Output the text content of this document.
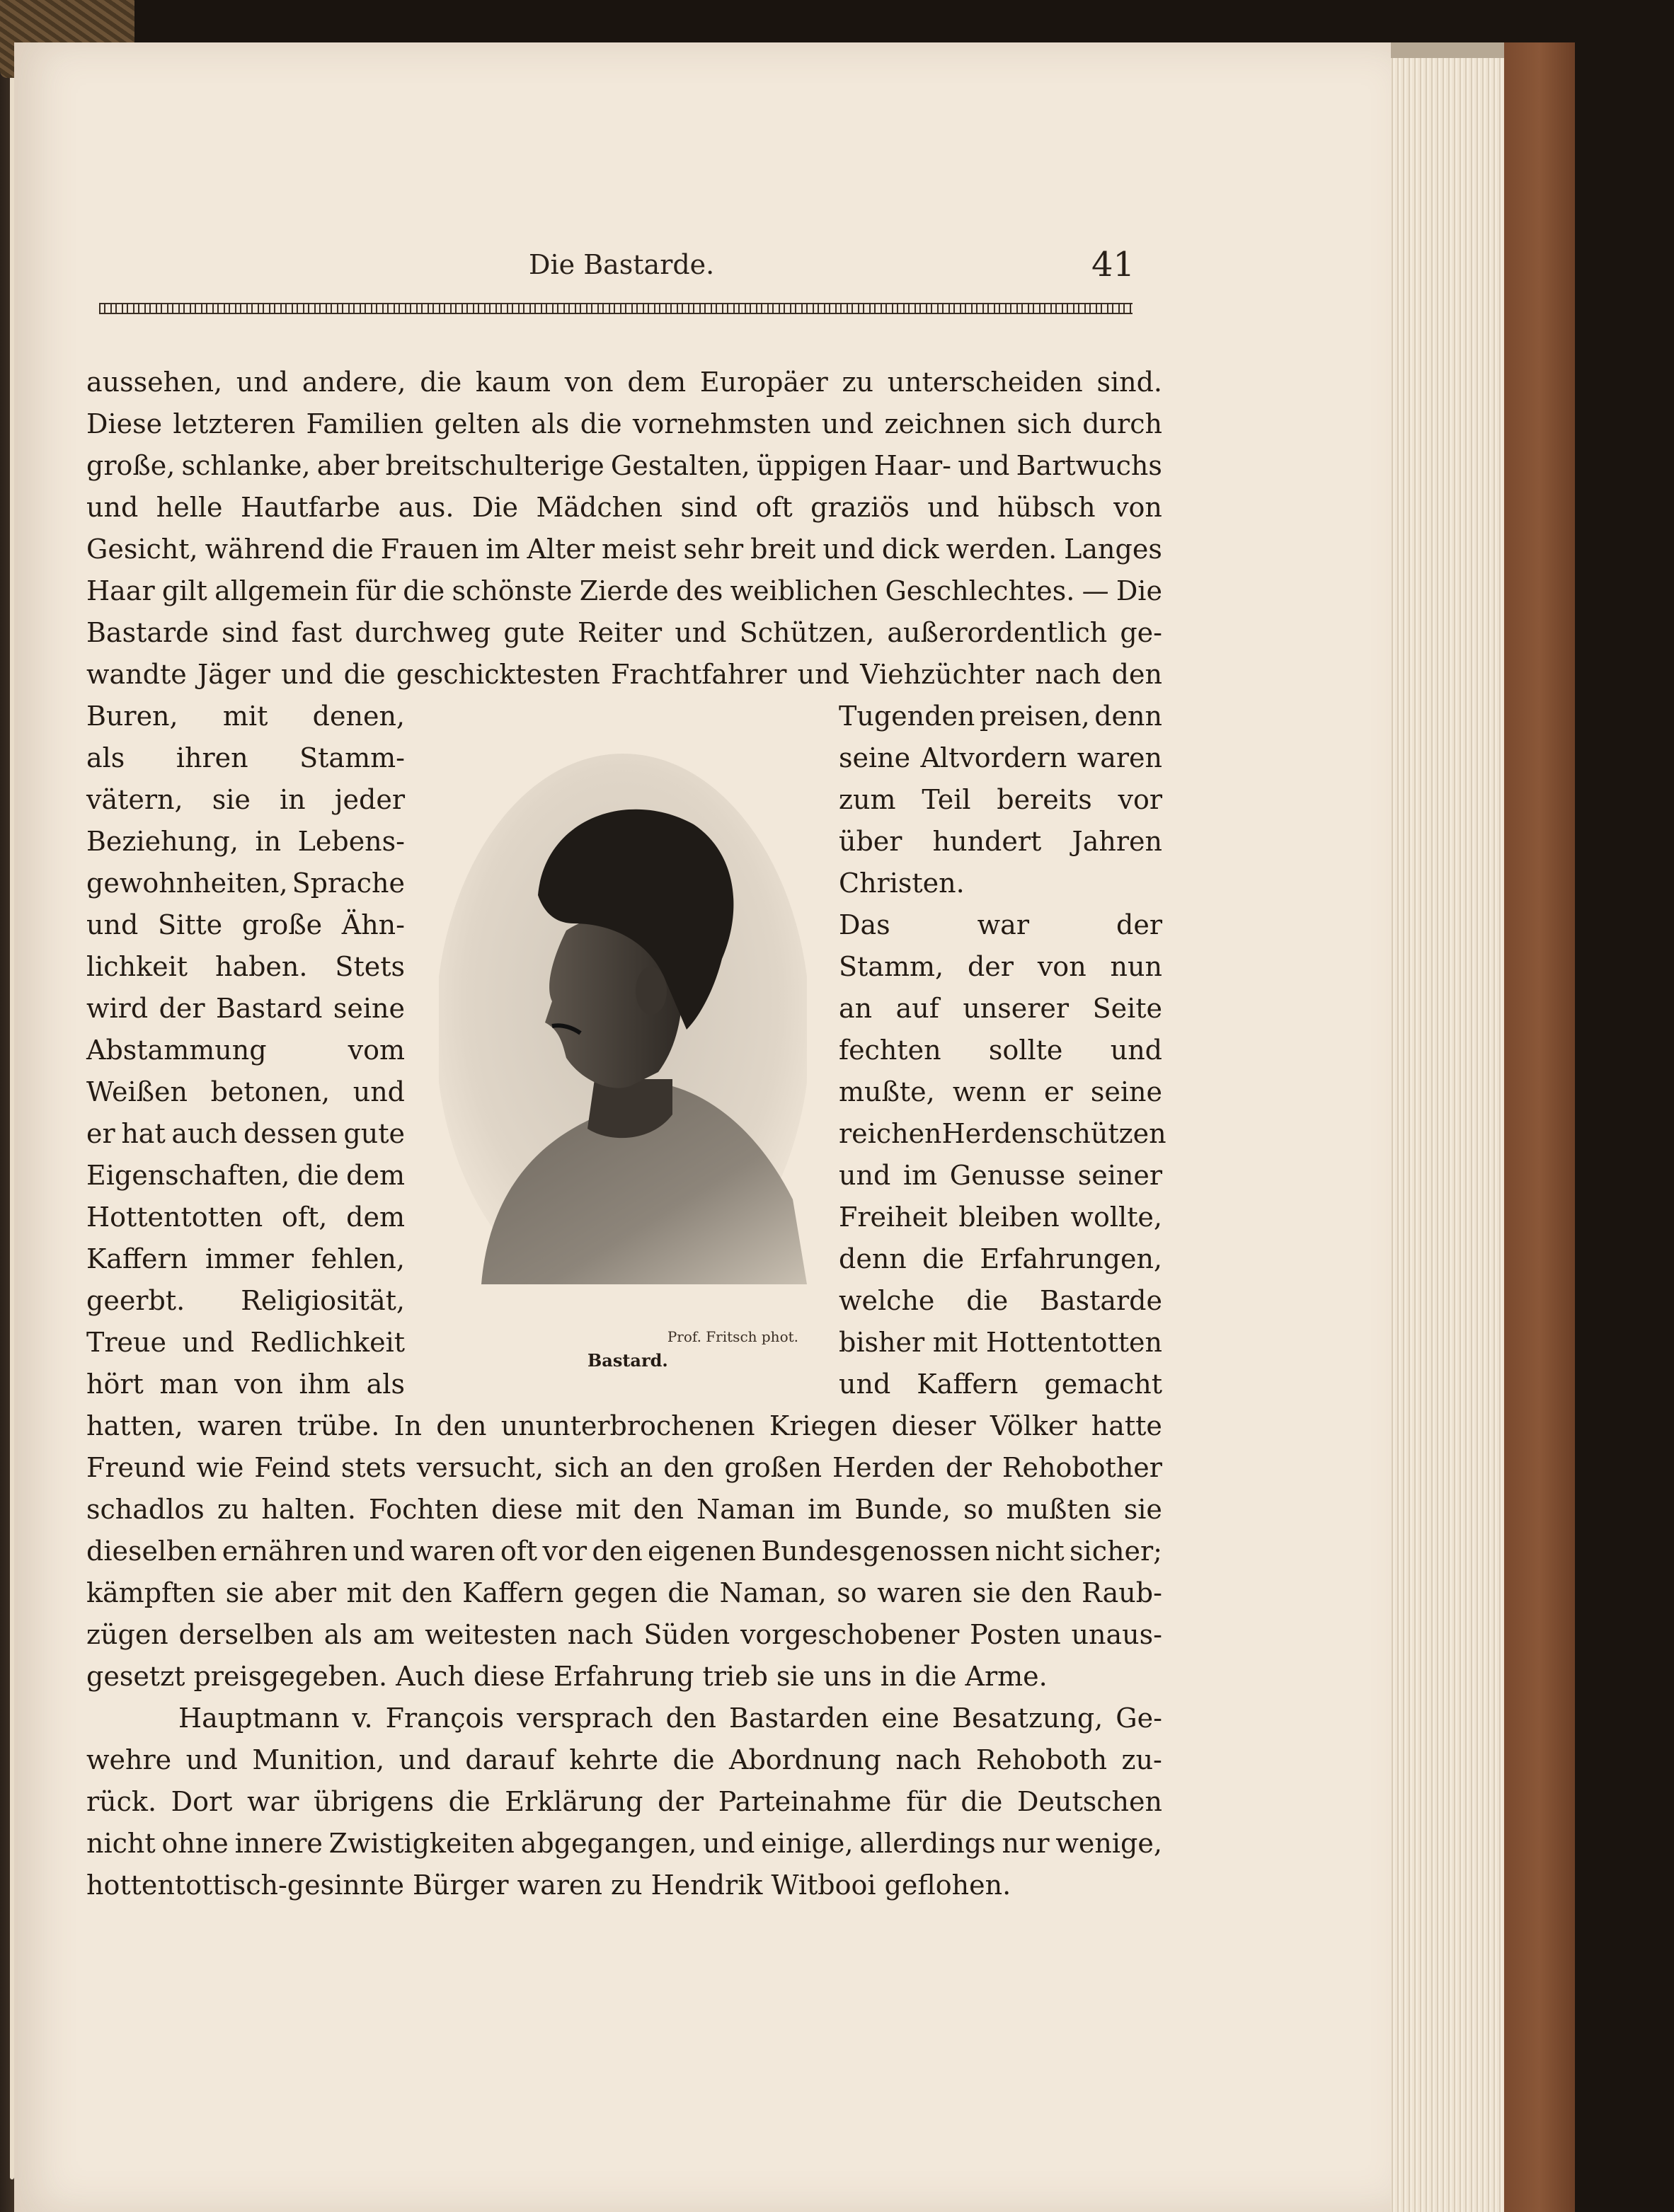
Die Bastarde.	41
aussehen, und andere, die kaum von dem Europäer zu unterscheiden sind.
Diese letzteren Familien gelten als die vornehmsten und zeichnen sich durch
große, schlanke, aber breitschulterige Gestalten, üppigen Haar- und Bartwuchs
und helle Hautfarbe aus. Die Mädchen sind oft graziös und hübsch von
Gesicht, während die Frauen im Alter meist sehr breit und dick werden. Langes
Haar gilt allgemein für die schönste Zierde des weiblichen Geschlechtes. — Die
Bastarde sind fast durchweg gute Reiter und Schützen, außerordentlich ge-
wandte Jäger und die geschicktesten Frachtfahrer und Viehzüchter nach den
Buren, mit denen,
als ihren Stamm-
vätern, sie in jeder
Beziehung, in Lebens-
gewohnheiten, Sprache
und Sitte große Ähn-
lichkeit haben. Stets
wird der Bastard seine
Abstammung	vom
Weißen betonen, und
er hat auch dessen gute
Eigenschaften, die dem
Hottentotten oft, dem
Kaffern immer fehlen,
geerbt. Religiosität,
Treue und Redlichkeit
hört man von ihm als
Tugenden preisen, denn
seine Altvordern waren
zum Teil bereits vor
über hundert Jahren
Christen.
Das	war	der
Stamm, der von nun
an auf unserer Seite
fechten sollte und
mußte, wenn er seine
reichen Herden schützen
und im Genusse seiner
Freiheit bleiben wollte,
denn die Erfahrungen,
welche die Bastarde
bisher mit Hottentotten
und Kaffern gemacht
hatten, waren trübe. In den ununterbrochenen Kriegen dieser Völker hatte
Freund wie Feind stets versucht, sich an den großen Herden der Rehobother
schadlos zu halten. Fochten diese mit den Naman im Bunde, so mußten sie
dieselben ernähren und waren oft vor den eigenen Bundesgenossen nicht sicher;
kämpften sie aber mit den Kaffern gegen die Naman, so waren sie den Raub-
zügen derselben als am weitesten nach Süden vorgeschobener Posten unaus-
gesetzt preisgegeben. Auch diese Erfahrung trieb sie uns in die Arme.
Hauptmann v. François versprach den Bastarden eine Besatzung, Ge-
wehre und Munition, und darauf kehrte die Abordnung nach Rehoboth zu-
rück. Dort war übrigens die Erklärung der Parteinahme für die Deutschen
nicht ohne innere Zwistigkeiten abgegangen, und einige, allerdings nur wenige,
hottentottisch-gesinnte Bürger waren zu Hendrik Witbooi geflohen.
Prof. Fritsch phot.
Bastard.
